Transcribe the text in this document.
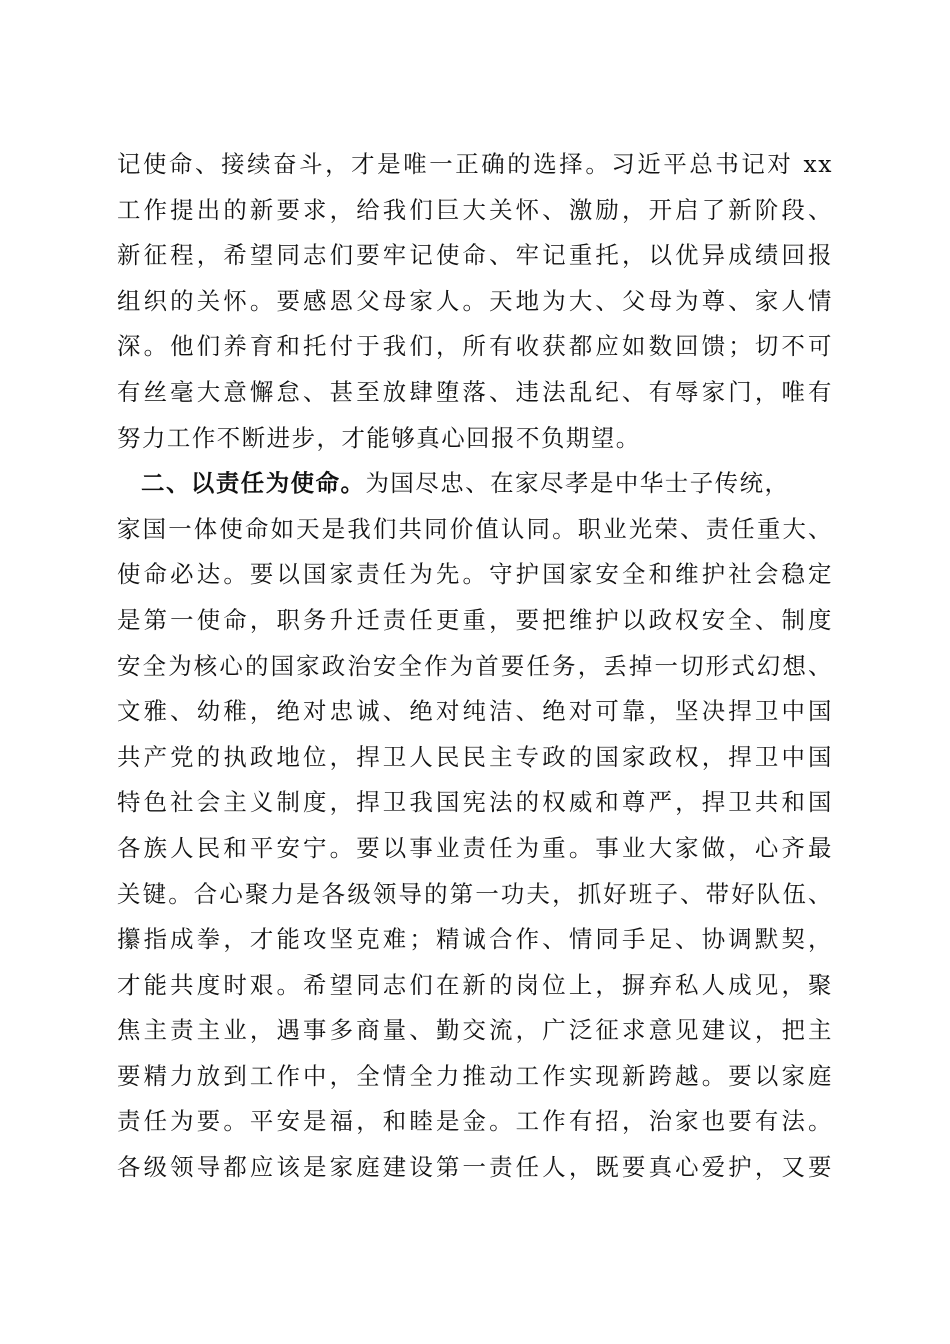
记使命、接续奋斗，才是唯一正确的选择。习近平总书记对 xx
工作提出的新要求，给我们巨大关怀、激励，开启了新阶段、
新征程，希望同志们要牢记使命、牢记重托，以优异成绩回报
组织的关怀。要感恩父母家人。天地为大、父母为尊、家人情
深。他们养育和托付于我们，所有收获都应如数回馈；切不可
有丝毫大意懈怠、甚至放肆堕落、违法乱纪、有辱家门，唯有
努力工作不断进步，才能够真心回报不负期望。
二、以责任为使命。为国尽忠、在家尽孝是中华士子传统，
家国一体使命如天是我们共同价值认同。职业光荣、责任重大、
使命必达。要以国家责任为先。守护国家安全和维护社会稳定
是第一使命，职务升迁责任更重，要把维护以政权安全、制度
安全为核心的国家政治安全作为首要任务，丢掉一切形式幻想、
文雅、幼稚，绝对忠诚、绝对纯洁、绝对可靠，坚决捍卫中国
共产党的执政地位，捍卫人民民主专政的国家政权，捍卫中国
特色社会主义制度，捍卫我国宪法的权威和尊严，捍卫共和国
各族人民和平安宁。要以事业责任为重。事业大家做，心齐最
关键。合心聚力是各级领导的第一功夫，抓好班子、带好队伍、
攥指成拳，才能攻坚克难；精诚合作、情同手足、协调默契，
才能共度时艰。希望同志们在新的岗位上，摒弃私人成见，聚
焦主责主业，遇事多商量、勤交流，广泛征求意见建议，把主
要精力放到工作中，全情全力推动工作实现新跨越。要以家庭
责任为要。平安是福，和睦是金。工作有招，治家也要有法。
各级领导都应该是家庭建设第一责任人，既要真心爱护，又要
